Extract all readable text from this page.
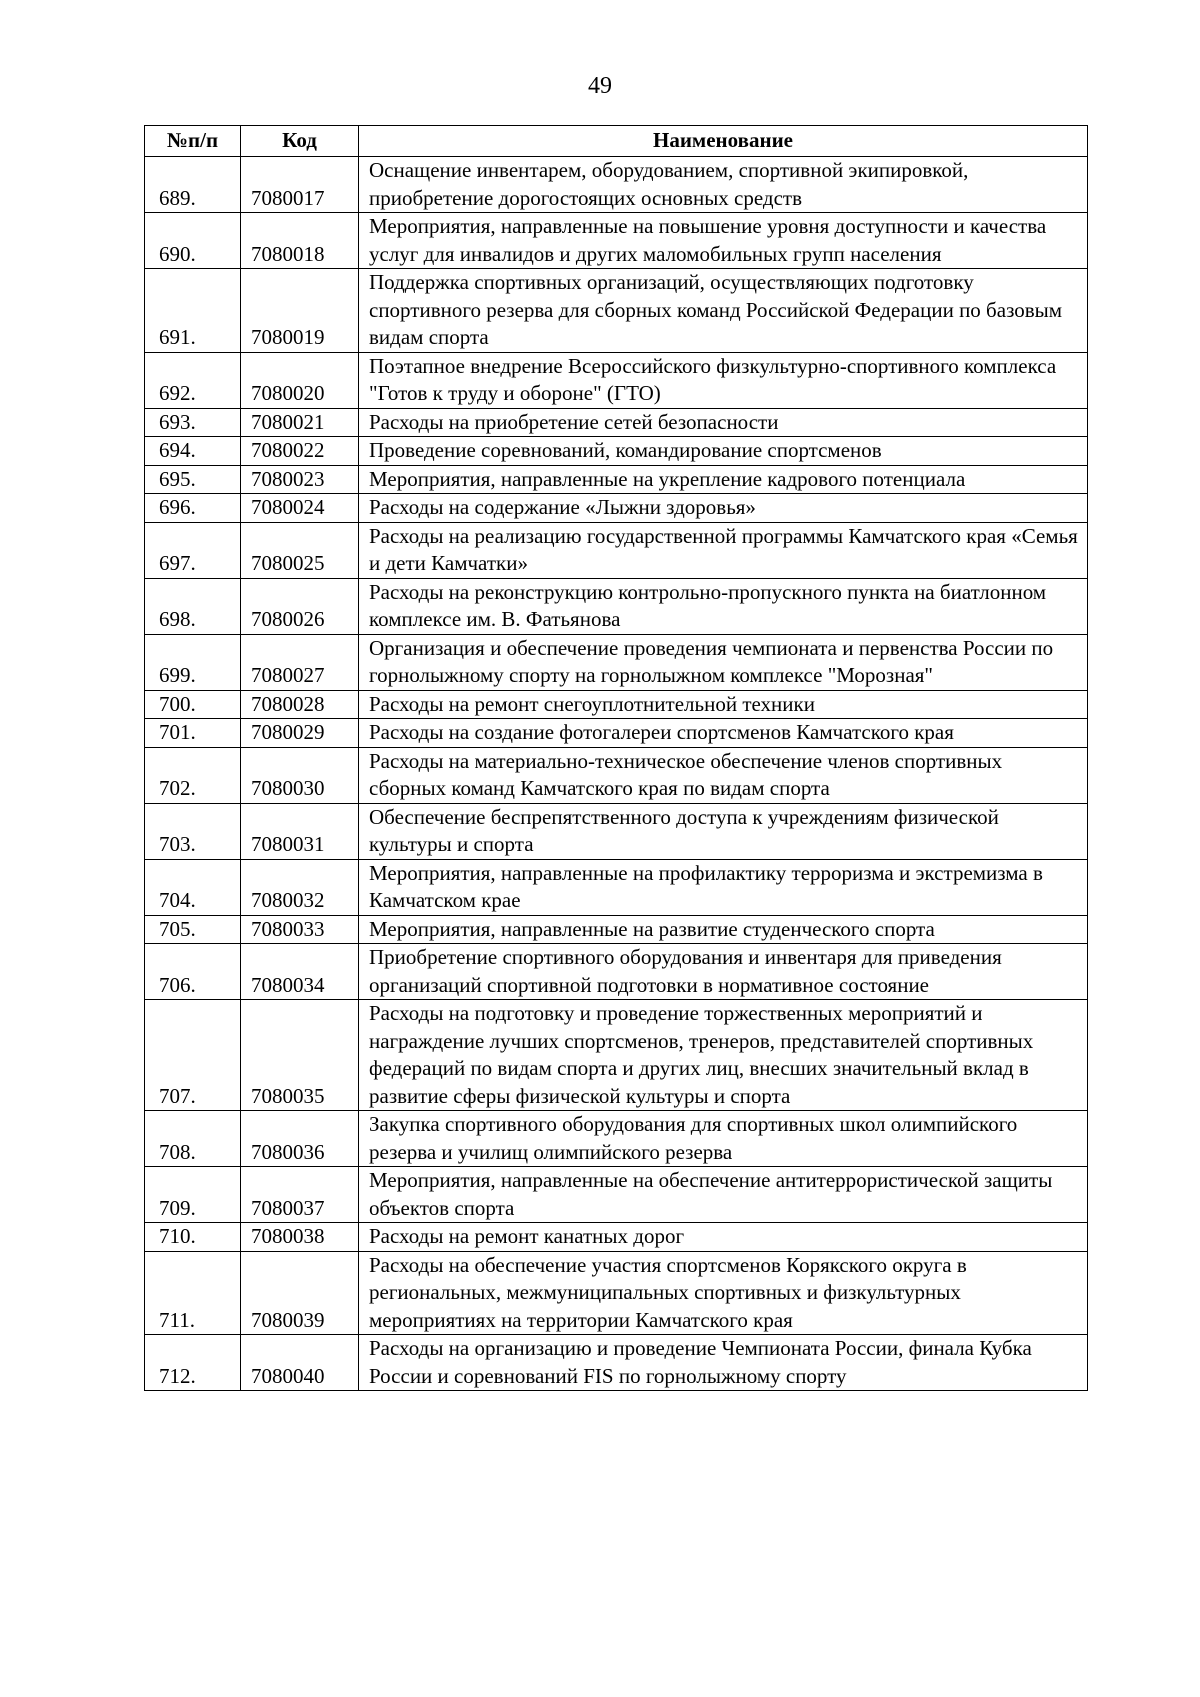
49
№п/п	Код	Наименование
689.	7080017	Оснащение инвентарем, оборудованием, спортивной экипировкой, приобретение дорогостоящих основных средств
690.	7080018	Мероприятия, направленные на повышение уровня доступности и качества услуг для инвалидов и других маломобильных групп населения
691.	7080019	Поддержка спортивных организаций, осуществляющих подготовку спортивного резерва для сборных команд Российской Федерации по базовым видам спорта
692.	7080020	Поэтапное внедрение Всероссийского физкультурно-спортивного комплекса "Готов к труду и обороне" (ГТО)
693.	7080021	Расходы на приобретение сетей безопасности
694.	7080022	Проведение соревнований, командирование спортсменов
695.	7080023	Мероприятия, направленные на укрепление кадрового потенциала
696.	7080024	Расходы на содержание «Лыжни здоровья»
697.	7080025	Расходы на реализацию государственной программы Камчатского края «Семья и дети Камчатки»
698.	7080026	Расходы на реконструкцию контрольно-пропускного пункта на биатлонном комплексе им. В. Фатьянова
699.	7080027	Организация и обеспечение проведения чемпионата и первенства России по горнолыжному спорту на горнолыжном комплексе "Морозная"
700.	7080028	Расходы на ремонт снегоуплотнительной техники
701.	7080029	Расходы на создание фотогалереи спортсменов Камчатского края
702.	7080030	Расходы на материально-техническое обеспечение членов спортивных сборных команд Камчатского края по видам спорта
703.	7080031	Обеспечение беспрепятственного доступа к учреждениям физической культуры и спорта
704.	7080032	Мероприятия, направленные на профилактику терроризма и экстремизма в Камчатском крае
705.	7080033	Мероприятия, направленные на развитие студенческого спорта
706.	7080034	Приобретение спортивного оборудования и инвентаря для приведения организаций спортивной подготовки в нормативное состояние
707.	7080035	Расходы на подготовку и проведение торжественных мероприятий и награждение лучших спортсменов, тренеров, представителей спортивных федераций по видам спорта и других лиц, внесших значительный вклад в развитие сферы физической культуры и спорта
708.	7080036	Закупка спортивного оборудования для спортивных школ олимпийского резерва и училищ олимпийского резерва
709.	7080037	Мероприятия, направленные на обеспечение антитеррористической защиты объектов спорта
710.	7080038	Расходы на ремонт канатных дорог
711.	7080039	Расходы на обеспечение участия спортсменов Корякского округа в региональных, межмуниципальных спортивных и физкультурных мероприятиях на территории Камчатского края
712.	7080040	Расходы на организацию и проведение Чемпионата России, финала Кубка России и соревнований FIS по горнолыжному спорту
